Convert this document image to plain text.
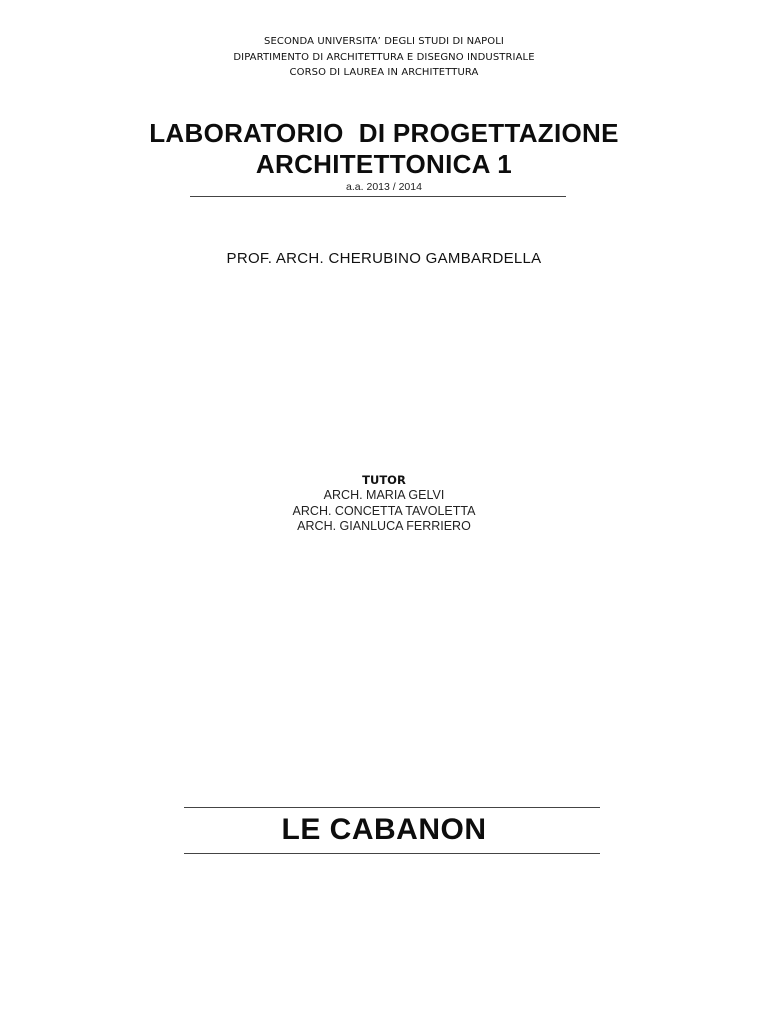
SECONDA UNIVERSITA’ DEGLI STUDI DI NAPOLI
DIPARTIMENTO DI ARCHITETTURA E DISEGNO INDUSTRIALE
CORSO DI LAUREA IN ARCHITETTURA
LABORATORIO  DI PROGETTAZIONE
ARCHITETTONICA 1
a.a. 2013 / 2014
PROF. ARCH. CHERUBINO GAMBARDELLA
TUTOR
ARCH. MARIA GELVI
ARCH. CONCETTA TAVOLETTA
ARCH. GIANLUCA FERRIERO
LE CABANON
